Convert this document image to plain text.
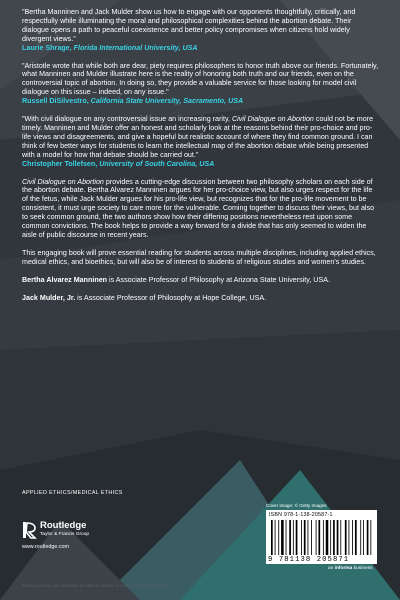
"Bertha Manninen and Jack Mulder show us how to engage with our opponents thoughtfully, critically, and respectfully while illuminating the moral and philosophical complexities behind the abortion debate. Their dialogue opens a path to peaceful coexistence and better policy compromises when citizens hold widely divergent views."
Laurie Shrage, Florida International University, USA
"Aristotle wrote that while both are dear, piety requires philosophers to honor truth above our friends. Fortunately, what Manninen and Mulder illustrate here is the reality of honoring both truth and our friends, even on the controversial topic of abortion. In doing so, they provide a valuable service for those looking for model civil dialogue on this issue – indeed, on any issue."
Russell DiSilvestro, California State University, Sacramento, USA
"With civil dialogue on any controversial issue an increasing rarity, Civil Dialogue on Abortion could not be more timely. Manninen and Mulder offer an honest and scholarly look at the reasons behind their pro-choice and pro-life views and disagreements, and give a hopeful but realistic account of where they find common ground. I can think of few better ways for students to learn the intellectual map of the abortion debate while being presented with a model for how that debate should be carried out."
Christopher Tollefsen, University of South Carolina, USA

Civil Dialogue on Abortion provides a cutting-edge discussion between two philosophy scholars on each side of the abortion debate. Bertha Alvarez Manninen argues for her pro-choice view, but also urges respect for the life of the fetus, while Jack Mulder argues for his pro-life view, but recognizes that for the pro-life movement to be consistent, it must urge society to care more for the vulnerable. Coming together to discuss their views, but also to seek common ground, the two authors show how their differing positions nevertheless rest upon some common convictions. The book helps to provide a way forward for a divide that has only seemed to widen the aisle of public discourse in recent years.

This engaging book will prove essential reading for students across multiple disciplines, including applied ethics, medical ethics, and bioethics, but will also be of interest to students of religious studies and women's studies.

Bertha Alvarez Manninen is Associate Professor of Philosophy at Arizona State University, USA.

Jack Mulder, Jr. is Associate Professor of Philosophy at Hope College, USA.

APPLIED ETHICS/MEDICAL ETHICS
Routledge
Taylor & Francis Group
www.routledge.com
Cover image: © Getty Images
ISBN 978-1-138-20587-1
9 781138 205871
an informa business
Routledge titles are available as eBook editions in a range of digital formats
